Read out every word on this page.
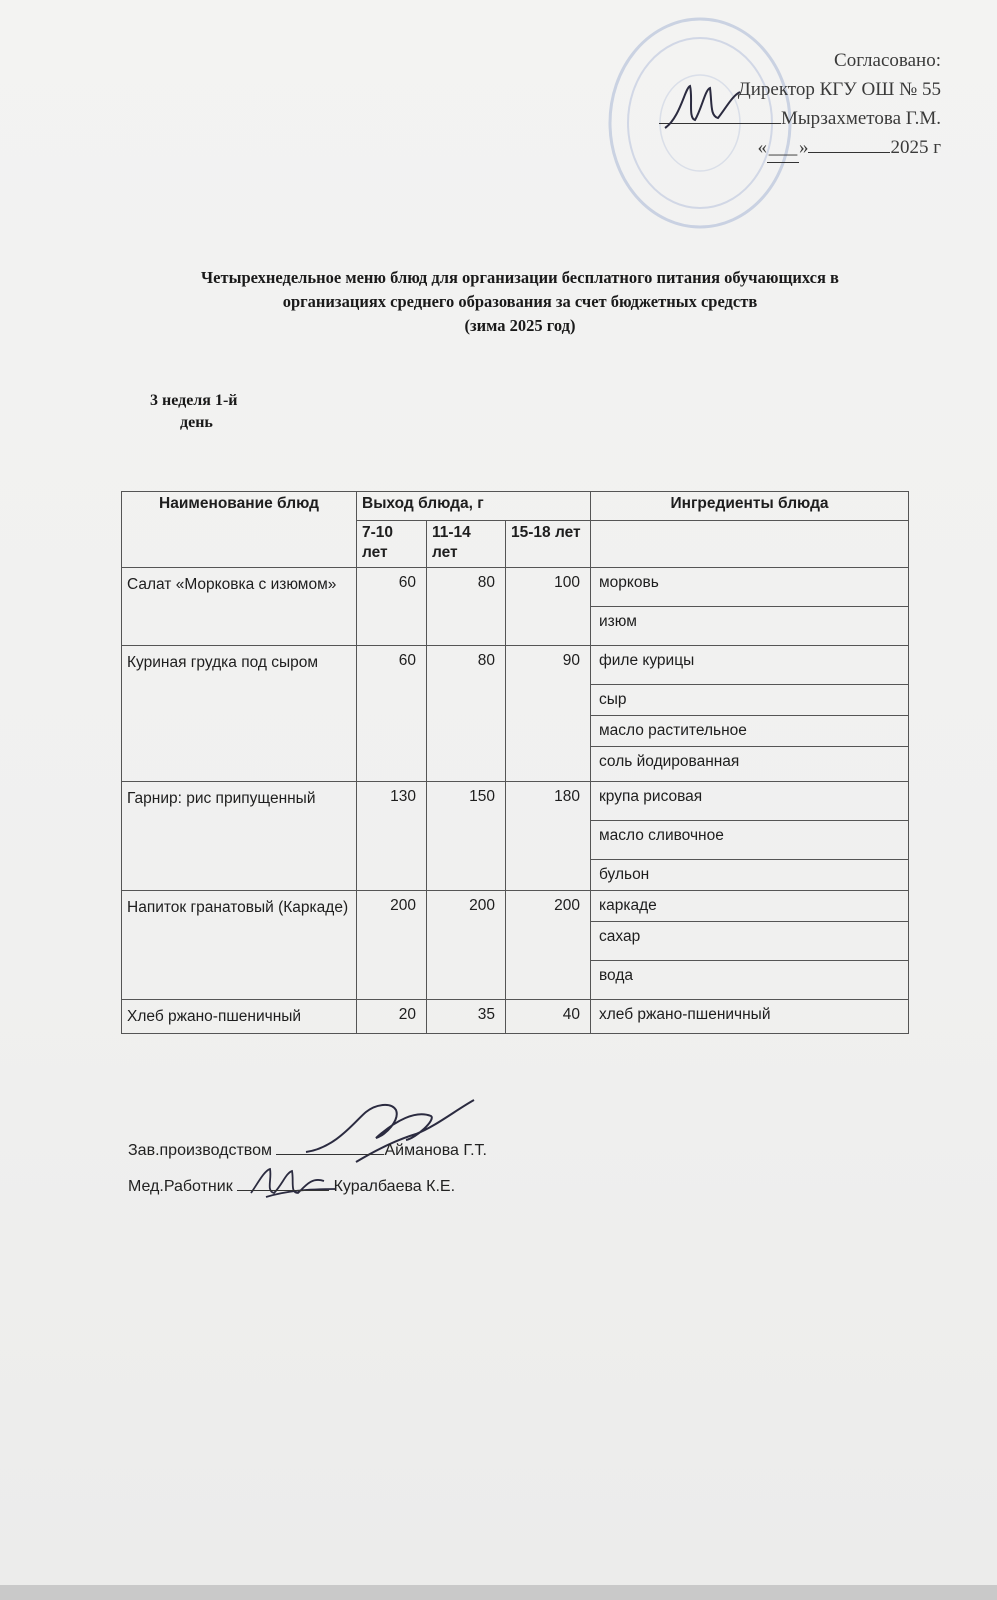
Согласовано:
Директор КГУ ОШ № 55
Мырзахметова Г.М.
«___»	2025 г
Четырехнедельное меню блюд для организации бесплатного питания обучающихся в
организациях среднего образования за счет бюджетных средств
(зима 2025 год)
3 неделя 1-й
день
Наименование блюд	Выход блюда, г			Ингредиенты блюда
	7-10 лет	11-14 лет	15-18 лет	
Салат «Морковка с изюмом»	60	80	100	морковь
				изюм
Куриная грудка под сыром	60	80	90	филе курицы
				сыр
				масло растительное
				соль йодированная
Гарнир: рис припущенный	130	150	180	крупа рисовая
				масло сливочное
				бульон
Напиток гранатовый (Каркаде)	200	200	200	каркаде
				сахар
				вода
Хлеб ржано-пшеничный	20	35	40	хлеб ржано-пшеничный
Зав.производством	Айманова Г.Т.
Мед.Работник	Куралбаева К.Е.
